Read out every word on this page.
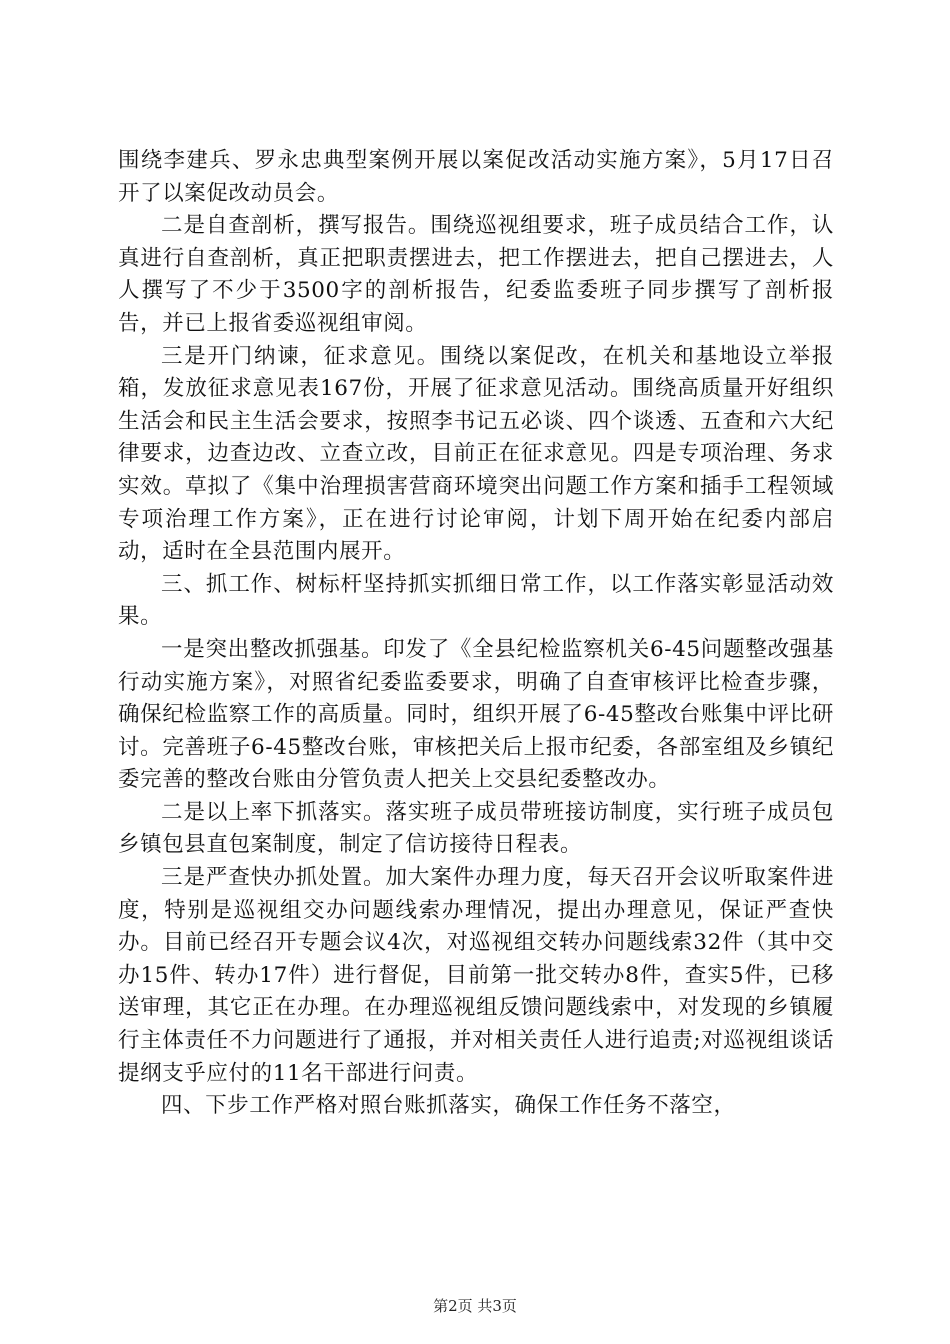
围绕李建兵、罗永忠典型案例开展以案促改活动实施方案》，5月17日召开了以案促改动员会。

二是自查剖析，撰写报告。围绕巡视组要求，班子成员结合工作，认真进行自查剖析，真正把职责摆进去，把工作摆进去，把自己摆进去，人人撰写了不少于3500字的剖析报告，纪委监委班子同步撰写了剖析报告，并已上报省委巡视组审阅。

三是开门纳谏，征求意见。围绕以案促改，在机关和基地设立举报箱，发放征求意见表167份，开展了征求意见活动。围绕高质量开好组织生活会和民主生活会要求，按照李书记五必谈、四个谈透、五查和六大纪律要求，边查边改、立查立改，目前正在征求意见。四是专项治理、务求实效。草拟了《集中治理损害营商环境突出问题工作方案和插手工程领域专项治理工作方案》，正在进行讨论审阅，计划下周开始在纪委内部启动，适时在全县范围内展开。

三、抓工作、树标杆坚持抓实抓细日常工作，以工作落实彰显活动效果。

一是突出整改抓强基。印发了《全县纪检监察机关6-45问题整改强基行动实施方案》，对照省纪委监委要求，明确了自查审核评比检查步骤，确保纪检监察工作的高质量。同时，组织开展了6-45整改台账集中评比研讨。完善班子6-45整改台账，审核把关后上报市纪委，各部室组及乡镇纪委完善的整改台账由分管负责人把关上交县纪委整改办。

二是以上率下抓落实。落实班子成员带班接访制度，实行班子成员包乡镇包县直包案制度，制定了信访接待日程表。

三是严查快办抓处置。加大案件办理力度，每天召开会议听取案件进度，特别是巡视组交办问题线索办理情况，提出办理意见，保证严查快办。目前已经召开专题会议4次，对巡视组交转办问题线索32件（其中交办15件、转办17件）进行督促，目前第一批交转办8件，查实5件，已移送审理，其它正在办理。在办理巡视组反馈问题线索中，对发现的乡镇履行主体责任不力问题进行了通报，并对相关责任人进行追责;对巡视组谈话提纲支乎应付的11名干部进行问责。

四、下步工作严格对照台账抓落实，确保工作任务不落空，

第2页 共3页
